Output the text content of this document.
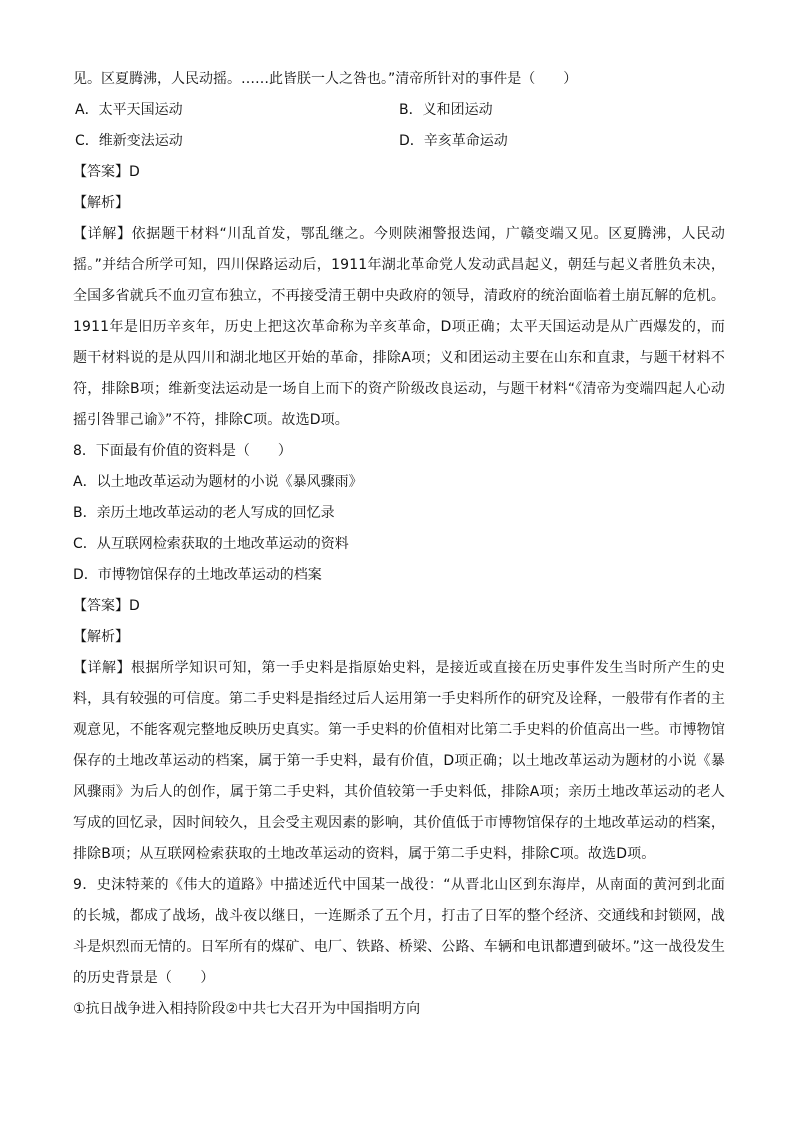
见。区夏腾沸，人民动摇。……此皆朕一人之咎也。”清帝所针对的事件是（　　）

A．太平天国运动	B．义和团运动
C．维新变法运动	D．辛亥革命运动

【答案】D

【解析】

【详解】依据题干材料“川乱首发，鄂乱继之。今则陕湘警报迭闻，广赣变端又见。区夏腾沸，人民动摇。”并结合所学可知，四川保路运动后，1911年湖北革命党人发动武昌起义，朝廷与起义者胜负未决，全国多省就兵不血刃宣布独立，不再接受清王朝中央政府的领导，清政府的统治面临着土崩瓦解的危机。1911年是旧历辛亥年，历史上把这次革命称为辛亥革命，D项正确；太平天国运动是从广西爆发的，而题干材料说的是从四川和湖北地区开始的革命，排除A项；义和团运动主要在山东和直隶，与题干材料不符，排除B项；维新变法运动是一场自上而下的资产阶级改良运动，与题干材料“《清帝为变端四起人心动摇引咎罪己谕》”不符，排除C项。故选D项。

8．下面最有价值的资料是（　　）

A．以土地改革运动为题材的小说《暴风骤雨》

B．亲历土地改革运动的老人写成的回忆录

C．从互联网检索获取的土地改革运动的资料

D．市博物馆保存的土地改革运动的档案

【答案】D

【解析】

【详解】根据所学知识可知，第一手史料是指原始史料，是接近或直接在历史事件发生当时所产生的史料，具有较强的可信度。第二手史料是指经过后人运用第一手史料所作的研究及诠释，一般带有作者的主观意见，不能客观完整地反映历史真实。第一手史料的价值相对比第二手史料的价值高出一些。市博物馆保存的土地改革运动的档案，属于第一手史料，最有价值，D项正确；以土地改革运动为题材的小说《暴风骤雨》为后人的创作，属于第二手史料，其价值较第一手史料低，排除A项；亲历土地改革运动的老人写成的回忆录，因时间较久，且会受主观因素的影响，其价值低于市博物馆保存的土地改革运动的档案，排除B项；从互联网检索获取的土地改革运动的资料，属于第二手史料，排除C项。故选D项。

9．史沫特莱的《伟大的道路》中描述近代中国某一战役：“从晋北山区到东海岸，从南面的黄河到北面的长城，都成了战场，战斗夜以继日，一连厮杀了五个月，打击了日军的整个经济、交通线和封锁网，战斗是炽烈而无情的。日军所有的煤矿、电厂、铁路、桥梁、公路、车辆和电讯都遭到破坏。”这一战役发生的历史背景是（　　）

①抗日战争进入相持阶段②中共七大召开为中国指明方向
